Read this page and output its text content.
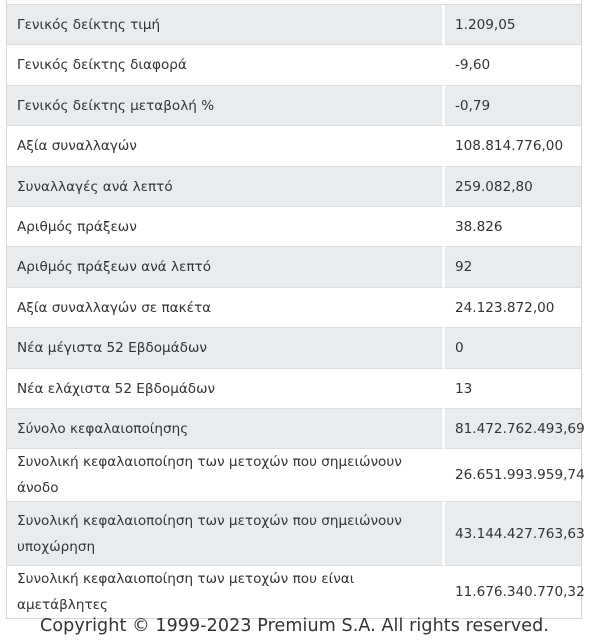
Γενικός δείκτης τιμή	1.209,05
Γενικός δείκτης διαφορά	-9,60
Γενικός δείκτης μεταβολή %	-0,79
Αξία συναλλαγών	108.814.776,00
Συναλλαγές ανά λεπτό	259.082,80
Αριθμός πράξεων	38.826
Αριθμός πράξεων ανά λεπτό	92
Αξία συναλλαγών σε πακέτα	24.123.872,00
Νέα μέγιστα 52 Εβδομάδων	0
Νέα ελάχιστα 52 Εβδομάδων	13
Σύνολο κεφαλαιοποίησης	81.472.762.493,69
Συνολική κεφαλαιοποίηση των μετοχών που σημειώνουν άνοδο	26.651.993.959,74
Συνολική κεφαλαιοποίηση των μετοχών που σημειώνουν υποχώρηση	43.144.427.763,63
Συνολική κεφαλαιοποίηση των μετοχών που είναι αμετάβλητες	11.676.340.770,32
Copyright © 1999-2023 Premium S.A. All rights reserved.
